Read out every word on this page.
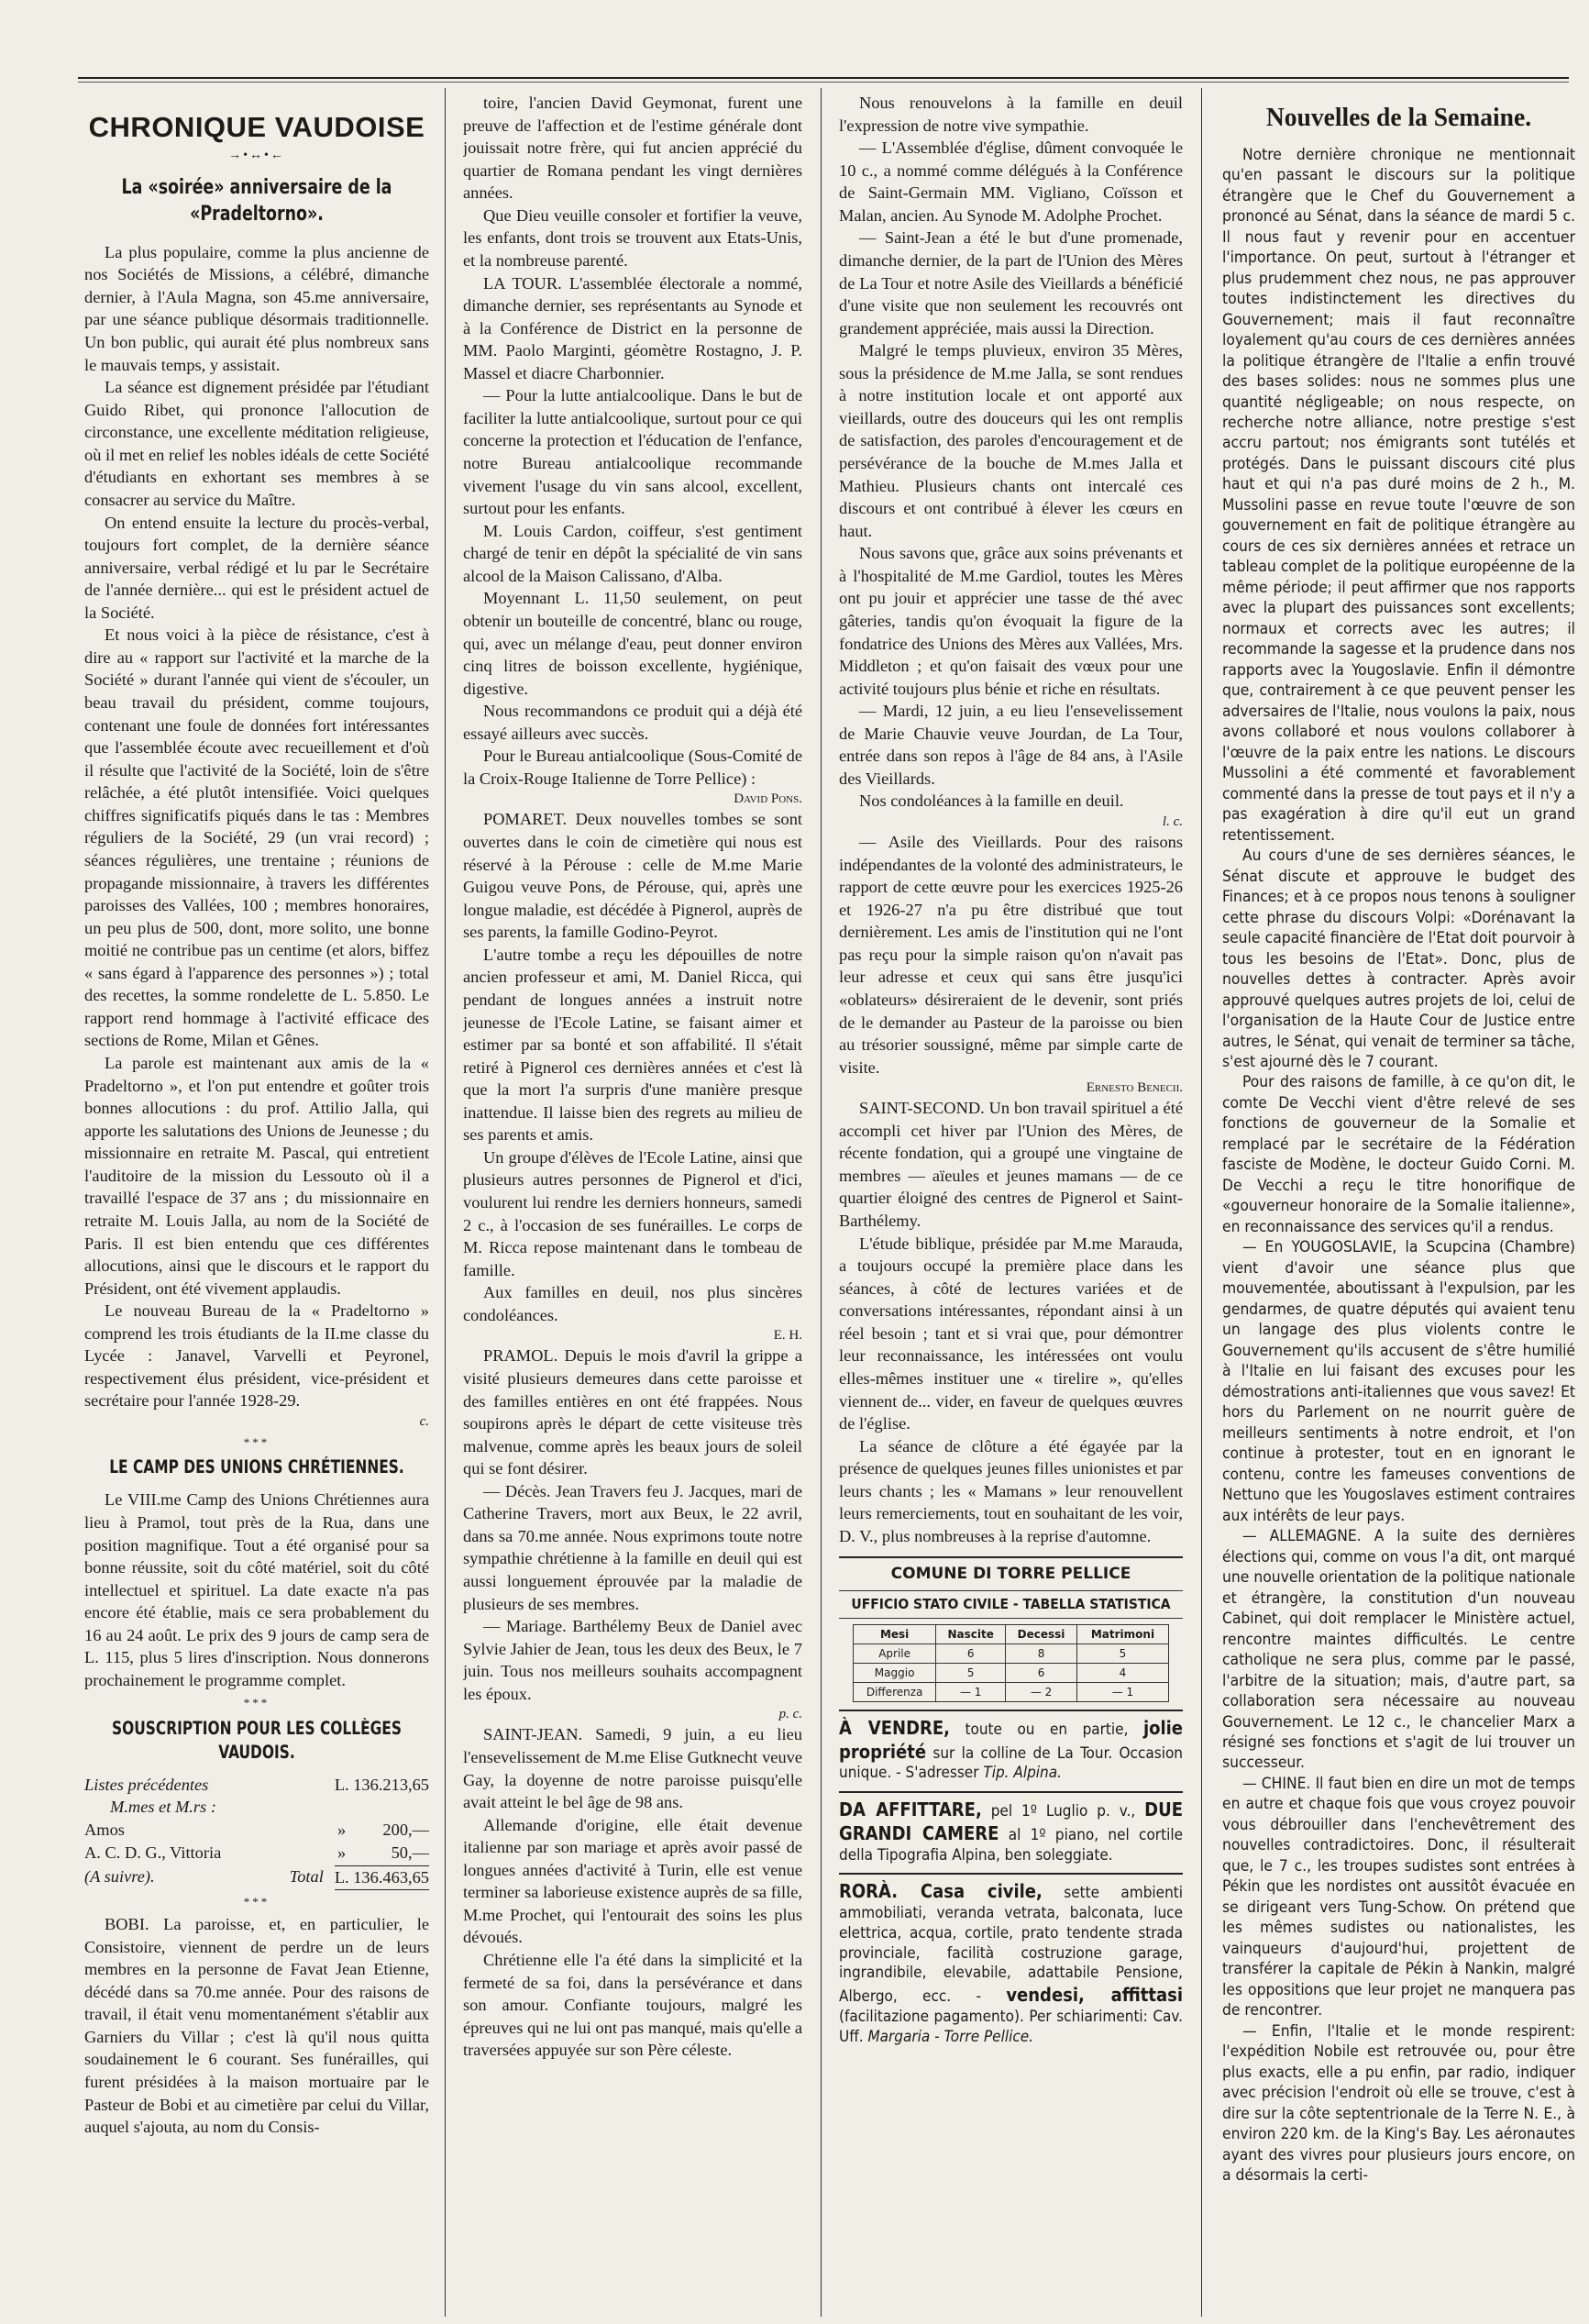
CHRONIQUE VAUDOISE
→•↔•←
La «soirée» anniversaire de la «Pradeltorno».

La plus populaire, comme la plus ancienne de nos Sociétés de Missions, a célébré, dimanche dernier, à l'Aula Magna, son 45.me anniversaire, par une séance publique désormais traditionnelle. Un bon public, qui aurait été plus nombreux sans le mauvais temps, y assistait.

La séance est dignement présidée par l'étudiant Guido Ribet, qui prononce l'allocution de circonstance, une excellente méditation religieuse, où il met en relief les nobles idéals de cette Société d'étudiants en exhortant ses membres à se consacrer au service du Maître.

On entend ensuite la lecture du procès-verbal, toujours fort complet, de la dernière séance anniversaire, verbal rédigé et lu par le Secrétaire de l'année dernière... qui est le président actuel de la Société.

Et nous voici à la pièce de résistance, c'est à dire au « rapport sur l'activité et la marche de la Société » durant l'année qui vient de s'écouler, un beau travail du président, comme toujours, contenant une foule de données fort intéressantes que l'assemblée écoute avec recueillement et d'où il résulte que l'activité de la Société, loin de s'être relâchée, a été plutôt intensifiée. Voici quelques chiffres significatifs piqués dans le tas : Membres réguliers de la Société, 29 (un vrai record) ; séances régulières, une trentaine ; réunions de propagande missionnaire, à travers les différentes paroisses des Vallées, 100 ; membres honoraires, un peu plus de 500, dont, more solito, une bonne moitié ne contribue pas un centime (et alors, biffez « sans égard à l'apparence des personnes ») ; total des recettes, la somme rondelette de L. 5.850. Le rapport rend hommage à l'activité efficace des sections de Rome, Milan et Gênes.

La parole est maintenant aux amis de la « Pradeltorno », et l'on put entendre et goûter trois bonnes allocutions : du prof. Attilio Jalla, qui apporte les salutations des Unions de Jeunesse ; du missionnaire en retraite M. Pascal, qui entretient l'auditoire de la mission du Lessouto où il a travaillé l'espace de 37 ans ; du missionnaire en retraite M. Louis Jalla, au nom de la Société de Paris. Il est bien entendu que ces différentes allocutions, ainsi que le discours et le rapport du Président, ont été vivement applaudis.

Le nouveau Bureau de la « Pradeltorno » comprend les trois étudiants de la II.me classe du Lycée : Janavel, Varvelli et Peyronel, respectivement élus président, vice-président et secrétaire pour l'année 1928-29.

c.
***
LE CAMP DES UNIONS CHRÉTIENNES.

Le VIII.me Camp des Unions Chrétiennes aura lieu à Pramol, tout près de la Rua, dans une position magnifique. Tout a été organisé pour sa bonne réussite, soit du côté matériel, soit du côté intellectuel et spirituel. La date exacte n'a pas encore été établie, mais ce sera probablement du 16 au 24 août. Le prix des 9 jours de camp sera de L. 115, plus 5 lires d'inscription. Nous donnerons prochainement le programme complet.

***
SOUSCRIPTION POUR LES COLLÈGES VAUDOIS.
Listes précédentes	L. 136.213,65
M.mes et M.rs :
Amos	»	200,—
A. C. D. G., Vittoria	»	50,—
(A suivre).	Total L. 136.463,65
***

BOBI. La paroisse, et, en particulier, le Consistoire, viennent de perdre un de leurs membres en la personne de Favat Jean Etienne, décédé dans sa 70.me année. Pour des raisons de travail, il était venu momentanément s'établir aux Garniers du Villar ; c'est là qu'il nous quitta soudainement le 6 courant. Ses funérailles, qui furent présidées à la maison mortuaire par le Pasteur de Bobi et au cimetière par celui du Villar, auquel s'ajouta, au nom du Consis-

toire, l'ancien David Geymonat, furent une preuve de l'affection et de l'estime générale dont jouissait notre frère, qui fut ancien apprécié du quartier de Romana pendant les vingt dernières années.

Que Dieu veuille consoler et fortifier la veuve, les enfants, dont trois se trouvent aux Etats-Unis, et la nombreuse parenté.

LA TOUR. L'assemblée électorale a nommé, dimanche dernier, ses représentants au Synode et à la Conférence de District en la personne de MM. Paolo Marginti, géomètre Rostagno, J. P. Massel et diacre Charbonnier.

— Pour la lutte antialcoolique. Dans le but de faciliter la lutte antialcoolique, surtout pour ce qui concerne la protection et l'éducation de l'enfance, notre Bureau antialcoolique recommande vivement l'usage du vin sans alcool, excellent, surtout pour les enfants.

M. Louis Cardon, coiffeur, s'est gentiment chargé de tenir en dépôt la spécialité de vin sans alcool de la Maison Calissano, d'Alba.

Moyennant L. 11,50 seulement, on peut obtenir un bouteille de concentré, blanc ou rouge, qui, avec un mélange d'eau, peut donner environ cinq litres de boisson excellente, hygiénique, digestive.

Nous recommandons ce produit qui a déjà été essayé ailleurs avec succès.

Pour le Bureau antialcoolique (Sous-Comité de la Croix-Rouge Italienne de Torre Pellice) :

David Pons.

POMARET. Deux nouvelles tombes se sont ouvertes dans le coin de cimetière qui nous est réservé à la Pérouse : celle de M.me Marie Guigou veuve Pons, de Pérouse, qui, après une longue maladie, est décédée à Pignerol, auprès de ses parents, la famille Godino-Peyrot.

L'autre tombe a reçu les dépouilles de notre ancien professeur et ami, M. Daniel Ricca, qui pendant de longues années a instruit notre jeunesse de l'Ecole Latine, se faisant aimer et estimer par sa bonté et son affabilité. Il s'était retiré à Pignerol ces dernières années et c'est là que la mort l'a surpris d'une manière presque inattendue. Il laisse bien des regrets au milieu de ses parents et amis.

Un groupe d'élèves de l'Ecole Latine, ainsi que plusieurs autres personnes de Pignerol et d'ici, voulurent lui rendre les derniers honneurs, samedi 2 c., à l'occasion de ses funérailles. Le corps de M. Ricca repose maintenant dans le tombeau de famille.

Aux familles en deuil, nos plus sincères condoléances.

E. H.

PRAMOL. Depuis le mois d'avril la grippe a visité plusieurs demeures dans cette paroisse et des familles entières en ont été frappées. Nous soupirons après le départ de cette visiteuse très malvenue, comme après les beaux jours de soleil qui se font désirer.

— Décès. Jean Travers feu J. Jacques, mari de Catherine Travers, mort aux Beux, le 22 avril, dans sa 70.me année. Nous exprimons toute notre sympathie chrétienne à la famille en deuil qui est aussi longuement éprouvée par la maladie de plusieurs de ses membres.

— Mariage. Barthélemy Beux de Daniel avec Sylvie Jahier de Jean, tous les deux des Beux, le 7 juin. Tous nos meilleurs souhaits accompagnent les époux.

p. c.

SAINT-JEAN. Samedi, 9 juin, a eu lieu l'ensevelissement de M.me Elise Gutknecht veuve Gay, la doyenne de notre paroisse puisqu'elle avait atteint le bel âge de 98 ans.

Allemande d'origine, elle était devenue italienne par son mariage et après avoir passé de longues années d'activité à Turin, elle est venue terminer sa laborieuse existence auprès de sa fille, M.me Prochet, qui l'entourait des soins les plus dévoués.

Chrétienne elle l'a été dans la simplicité et la fermeté de sa foi, dans la persévérance et dans son amour. Confiante toujours, malgré les épreuves qui ne lui ont pas manqué, mais qu'elle a traversées appuyée sur son Père céleste.

Nous renouvelons à la famille en deuil l'expression de notre vive sympathie.

— L'Assemblée d'église, dûment convoquée le 10 c., a nommé comme délégués à la Conférence de Saint-Germain MM. Vigliano, Coïsson et Malan, ancien. Au Synode M. Adolphe Prochet.

— Saint-Jean a été le but d'une promenade, dimanche dernier, de la part de l'Union des Mères de La Tour et notre Asile des Vieillards a bénéficié d'une visite que non seulement les recouvrés ont grandement appréciée, mais aussi la Direction.

Malgré le temps pluvieux, environ 35 Mères, sous la présidence de M.me Jalla, se sont rendues à notre institution locale et ont apporté aux vieillards, outre des douceurs qui les ont remplis de satisfaction, des paroles d'encouragement et de persévérance de la bouche de M.mes Jalla et Mathieu. Plusieurs chants ont intercalé ces discours et ont contribué à élever les cœurs en haut.

Nous savons que, grâce aux soins prévenants et à l'hospitalité de M.me Gardiol, toutes les Mères ont pu jouir et apprécier une tasse de thé avec gâteries, tandis qu'on évoquait la figure de la fondatrice des Unions des Mères aux Vallées, Mrs. Middleton ; et qu'on faisait des vœux pour une activité toujours plus bénie et riche en résultats.

— Mardi, 12 juin, a eu lieu l'ensevelissement de Marie Chauvie veuve Jourdan, de La Tour, entrée dans son repos à l'âge de 84 ans, à l'Asile des Vieillards.

Nos condoléances à la famille en deuil.

l. c.

— Asile des Vieillards. Pour des raisons indépendantes de la volonté des administrateurs, le rapport de cette œuvre pour les exercices 1925-26 et 1926-27 n'a pu être distribué que tout dernièrement. Les amis de l'institution qui ne l'ont pas reçu pour la simple raison qu'on n'avait pas leur adresse et ceux qui sans être jusqu'ici «oblateurs» désireraient de le devenir, sont priés de le demander au Pasteur de la paroisse ou bien au trésorier soussigné, même par simple carte de visite.

Ernesto Benecii.

SAINT-SECOND. Un bon travail spirituel a été accompli cet hiver par l'Union des Mères, de récente fondation, qui a groupé une vingtaine de membres — aïeules et jeunes mamans — de ce quartier éloigné des centres de Pignerol et Saint-Barthélemy.

L'étude biblique, présidée par M.me Marauda, a toujours occupé la première place dans les séances, à côté de lectures variées et de conversations intéressantes, répondant ainsi à un réel besoin ; tant et si vrai que, pour démontrer leur reconnaissance, les intéressées ont voulu elles-mêmes instituer une « tirelire », qu'elles viennent de... vider, en faveur de quelques œuvres de l'église.

La séance de clôture a été égayée par la présence de quelques jeunes filles unionistes et par leurs chants ; les « Mamans » leur renouvellent leurs remerciements, tout en souhaitant de les voir, D. V., plus nombreuses à la reprise d'automne.

COMUNE DI TORRE PELLICE
UFFICIO STATO CIVILE - TABELLA STATISTICA
Mesi	Nascite	Decessi	Matrimoni
Aprile	6	8	5
Maggio	5	6	4
Differenza	— 1	— 2	— 1
À VENDRE, toute ou en partie, jolie propriété sur la colline de La Tour. Occasion unique. - S'adresser Tip. Alpina.
DA AFFITTARE, pel 1º Luglio p. v., DUE GRANDI CAMERE al 1º piano, nel cortile della Tipografia Alpina, ben soleggiate.
RORÀ. Casa civile, sette ambienti ammobiliati, veranda vetrata, balconata, luce elettrica, acqua, cortile, prato tendente strada provinciale, facilità costruzione garage, ingrandibile, elevabile, adattabile Pensione, Albergo, ecc. - vendesi, affittasi (facilitazione pagamento). Per schiarimenti: Cav. Uff. Margaria - Torre Pellice.
Nouvelles de la Semaine.

Notre dernière chronique ne mentionnait qu'en passant le discours sur la politique étrangère que le Chef du Gouvernement a prononcé au Sénat, dans la séance de mardi 5 c. Il nous faut y revenir pour en accentuer l'importance. On peut, surtout à l'étranger et plus prudemment chez nous, ne pas approuver toutes indistinctement les directives du Gouvernement; mais il faut reconnaître loyalement qu'au cours de ces dernières années la politique étrangère de l'Italie a enfin trouvé des bases solides: nous ne sommes plus une quantité négligeable; on nous respecte, on recherche notre alliance, notre prestige s'est accru partout; nos émigrants sont tutélés et protégés. Dans le puissant discours cité plus haut et qui n'a pas duré moins de 2 h., M. Mussolini passe en revue toute l'œuvre de son gouvernement en fait de politique étrangère au cours de ces six dernières années et retrace un tableau complet de la politique européenne de la même période; il peut affirmer que nos rapports avec la plupart des puissances sont excellents; normaux et corrects avec les autres; il recommande la sagesse et la prudence dans nos rapports avec la Yougoslavie. Enfin il démontre que, contrairement à ce que peuvent penser les adversaires de l'Italie, nous voulons la paix, nous avons collaboré et nous voulons collaborer à l'œuvre de la paix entre les nations. Le discours Mussolini a été commenté et favorablement commenté dans la presse de tout pays et il n'y a pas exagération à dire qu'il eut un grand retentissement.

Au cours d'une de ses dernières séances, le Sénat discute et approuve le budget des Finances; et à ce propos nous tenons à souligner cette phrase du discours Volpi: «Dorénavant la seule capacité financière de l'Etat doit pourvoir à tous les besoins de l'Etat». Donc, plus de nouvelles dettes à contracter. Après avoir approuvé quelques autres projets de loi, celui de l'organisation de la Haute Cour de Justice entre autres, le Sénat, qui venait de terminer sa tâche, s'est ajourné dès le 7 courant.

Pour des raisons de famille, à ce qu'on dit, le comte De Vecchi vient d'être relevé de ses fonctions de gouverneur de la Somalie et remplacé par le secrétaire de la Fédération fasciste de Modène, le docteur Guido Corni. M. De Vecchi a reçu le titre honorifique de «gouverneur honoraire de la Somalie italienne», en reconnaissance des services qu'il a rendus.

— En YOUGOSLAVIE, la Scupcina (Chambre) vient d'avoir une séance plus que mouvementée, aboutissant à l'expulsion, par les gendarmes, de quatre députés qui avaient tenu un langage des plus violents contre le Gouvernement qu'ils accusent de s'être humilié à l'Italie en lui faisant des excuses pour les démostrations anti-italiennes que vous savez! Et hors du Parlement on ne nourrit guère de meilleurs sentiments à notre endroit, et l'on continue à protester, tout en en ignorant le contenu, contre les fameuses conventions de Nettuno que les Yougoslaves estiment contraires aux intérêts de leur pays.

— ALLEMAGNE. A la suite des dernières élections qui, comme on vous l'a dit, ont marqué une nouvelle orientation de la politique nationale et étrangère, la constitution d'un nouveau Cabinet, qui doit remplacer le Ministère actuel, rencontre maintes difficultés. Le centre catholique ne sera plus, comme par le passé, l'arbitre de la situation; mais, d'autre part, sa collaboration sera nécessaire au nouveau Gouvernement. Le 12 c., le chancelier Marx a résigné ses fonctions et s'agit de lui trouver un successeur.

— CHINE. Il faut bien en dire un mot de temps en autre et chaque fois que vous croyez pouvoir vous débrouiller dans l'enchevêtrement des nouvelles contradictoires. Donc, il résulterait que, le 7 c., les troupes sudistes sont entrées à Pékin que les nordistes ont aussitôt évacuée en se dirigeant vers Tung-Schow. On prétend que les mêmes sudistes ou nationalistes, les vainqueurs d'aujourd'hui, projettent de transférer la capitale de Pékin à Nankin, malgré les oppositions que leur projet ne manquera pas de rencontrer.

— Enfin, l'Italie et le monde respirent: l'expédition Nobile est retrouvée ou, pour être plus exacts, elle a pu enfin, par radio, indiquer avec précision l'endroit où elle se trouve, c'est à dire sur la côte septentrionale de la Terre N. E., à environ 220 km. de la King's Bay. Les aéronautes ayant des vivres pour plusieurs jours encore, on a désormais la certi-
